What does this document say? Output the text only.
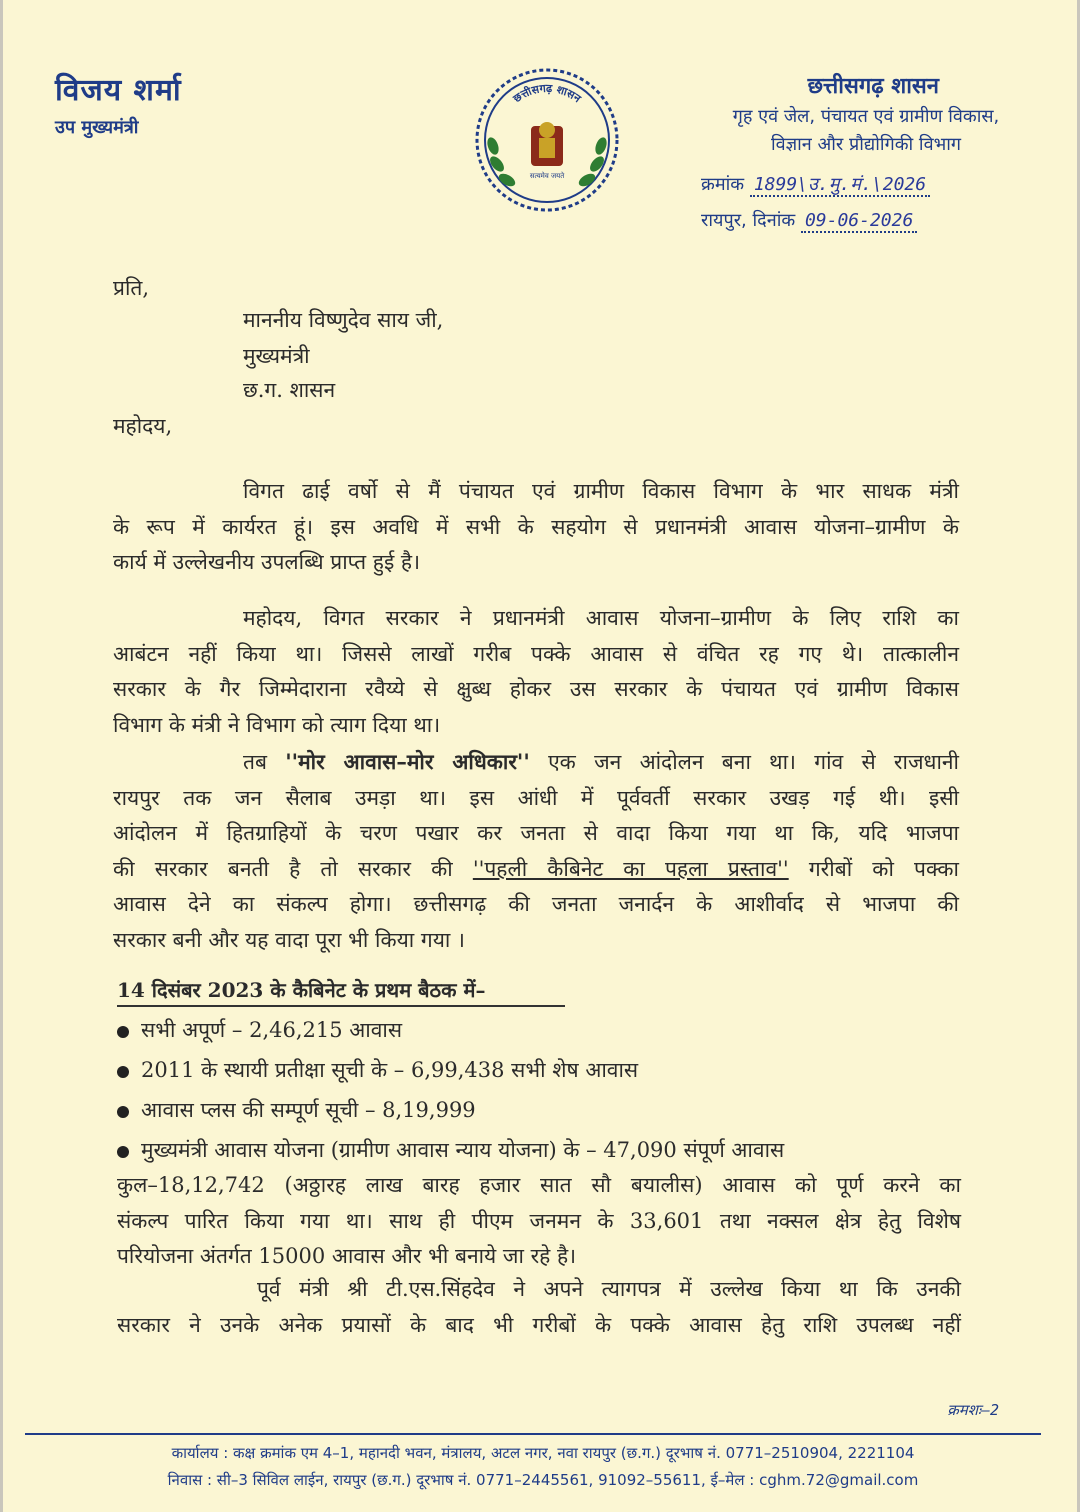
विजय शर्मा
उप मुख्यमंत्री
छत्तीसगढ़ शासन
सत्यमेव जयते
छत्तीसगढ़ शासन
गृह एवं जेल, पंचायत एवं ग्रामीण विकास,
विज्ञान और प्रौद्योगिकी विभाग
क्रमांक 1899\उ.मु.मं.\2026
रायपुर, दिनांक 09-06-2026
प्रति,
माननीय विष्णुदेव साय जी,
मुख्यमंत्री
छ.ग. शासन
महोदय,
विगत ढाई वर्षो से मैं पंचायत एवं ग्रामीण विकास विभाग के भार साधक मंत्री
के रूप में कार्यरत हूं। इस अवधि में सभी के सहयोग से प्रधानमंत्री आवास योजना–ग्रामीण के
कार्य में उल्लेखनीय उपलब्धि प्राप्त हुई है।
महोदय, विगत सरकार ने प्रधानमंत्री आवास योजना–ग्रामीण के लिए राशि का
आबंटन नहीं किया था। जिससे लाखों गरीब पक्के आवास से वंचित रह गए थे। तात्कालीन
सरकार के गैर जिम्मेदाराना रवैय्ये से क्षुब्ध होकर उस सरकार के पंचायत एवं ग्रामीण विकास
विभाग के मंत्री ने विभाग को त्याग दिया था।
तब ''मोर आवास–मोर अधिकार'' एक जन आंदोलन बना था। गांव से राजधानी
रायपुर तक जन सैलाब उमड़ा था। इस आंधी में पूर्ववर्ती सरकार उखड़ गई थी। इसी
आंदोलन में हितग्राहियों के चरण पखार कर जनता से वादा किया गया था कि, यदि भाजपा
की सरकार बनती है तो सरकार की ''पहली कैबिनेट का पहला प्रस्ताव'' गरीबों को पक्का
आवास देने का संकल्प होगा। छत्तीसगढ़ की जनता जनार्दन के आशीर्वाद से भाजपा की
सरकार बनी और यह वादा पूरा भी किया गया ।
14 दिसंबर 2023 के कैबिनेट के प्रथम बैठक में–
सभी अपूर्ण – 2,46,215 आवास
2011 के स्थायी प्रतीक्षा सूची के – 6,99,438 सभी शेष आवास
आवास प्लस की सम्पूर्ण सूची – 8,19,999
मुख्यमंत्री आवास योजना (ग्रामीण आवास न्याय योजना) के – 47,090 संपूर्ण आवास
कुल–18,12,742 (अठ्ठारह लाख बारह हजार सात सौ बयालीस) आवास को पूर्ण करने का
संकल्प पारित किया गया था। साथ ही पीएम जनमन के 33,601 तथा नक्सल क्षेत्र हेतु विशेष
परियोजना अंतर्गत 15000 आवास और भी बनाये जा रहे है।
पूर्व मंत्री श्री टी.एस.सिंहदेव ने अपने त्यागपत्र में उल्लेख किया था कि उनकी
सरकार ने उनके अनेक प्रयासों के बाद भी गरीबों के पक्के आवास हेतु राशि उपलब्ध नहीं
क्रमशः–2
कार्यालय : कक्ष क्रमांक एम 4–1, महानदी भवन, मंत्रालय, अटल नगर, नवा रायपुर (छ.ग.) दूरभाष नं. 0771–2510904, 2221104
निवास : सी–3 सिविल लाईन, रायपुर (छ.ग.) दूरभाष नं. 0771–2445561, 91092–55611, ई–मेल : cghm.72@gmail.com
